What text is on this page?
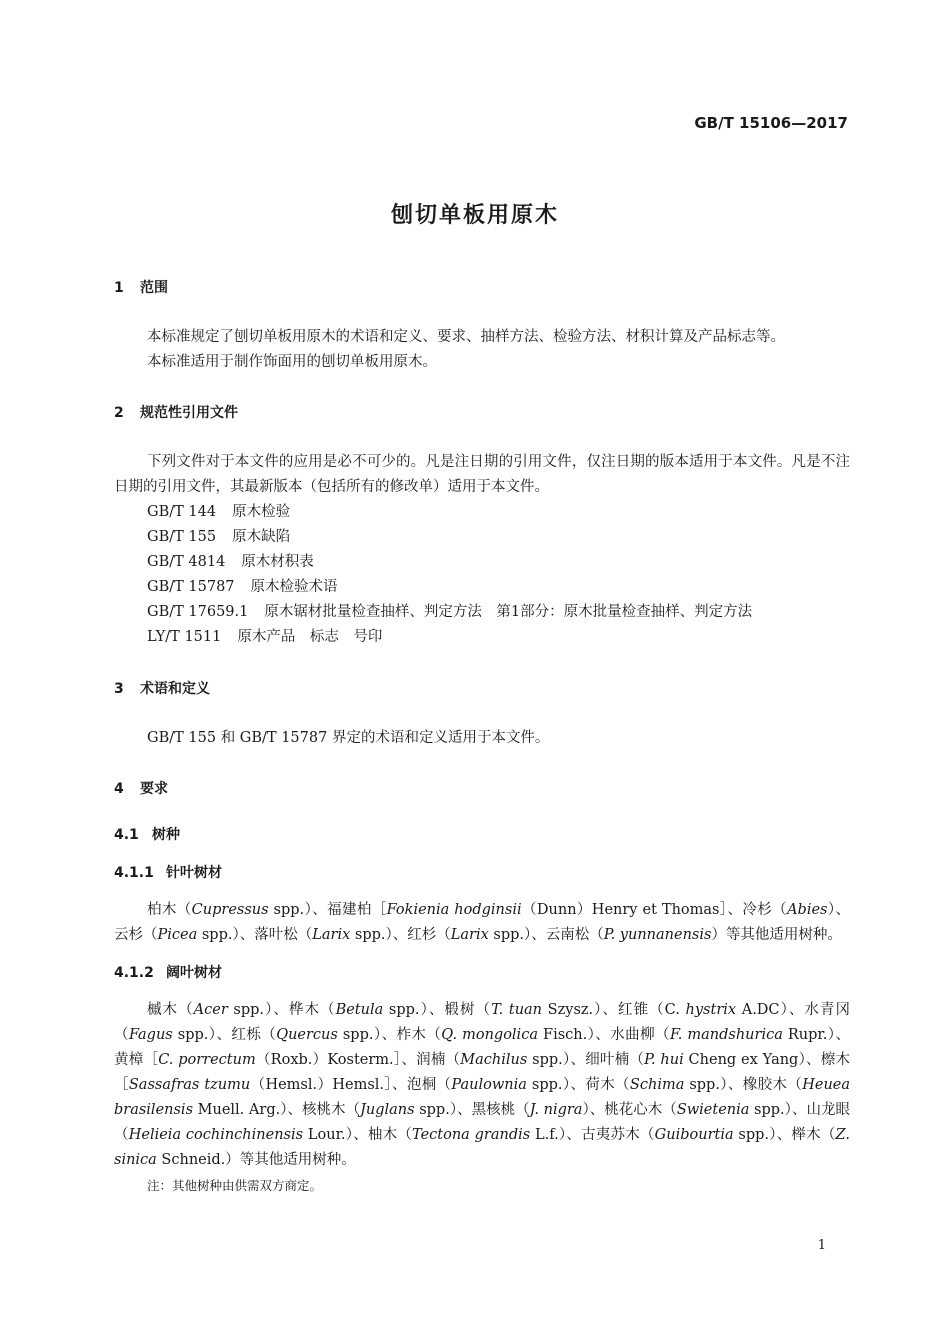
GB/T 15106—2017
刨切单板用原木
1 范围
本标准规定了刨切单板用原木的术语和定义、要求、抽样方法、检验方法、材积计算及产品标志等。
本标准适用于制作饰面用的刨切单板用原木。
2 规范性引用文件

下列文件对于本文件的应用是必不可少的。凡是注日期的引用文件，仅注日期的版本适用于本文件。凡是不注日期的引用文件，其最新版本（包括所有的修改单）适用于本文件。

GB/T 144 原木检验
GB/T 155 原木缺陷
GB/T 4814 原木材积表
GB/T 15787 原木检验术语
GB/T 17659.1 原木锯材批量检查抽样、判定方法　第1部分：原木批量检查抽样、判定方法
LY/T 1511 原木产品　标志　号印
3 术语和定义
GB/T 155 和 GB/T 15787 界定的术语和定义适用于本文件。
4 要求
4.1 树种
4.1.1 针叶树材

柏木（Cupressus spp.）、福建柏［Fokienia hodginsii（Dunn）Henry et Thomas］、冷杉（Abies）、云杉（Picea spp.）、落叶松（Larix spp.）、红杉（Larix spp.）、云南松（P. yunnanensis）等其他适用树种。

4.1.2 阔叶树材

槭木（Acer spp.）、桦木（Betula spp.）、椴树（T. tuan Szysz.）、红锥（C. hystrix A.DC）、水青冈（Fagus spp.）、红栎（Quercus spp.）、柞木（Q. mongolica Fisch.）、水曲柳（F. mandshurica Rupr.）、黄樟［C. porrectum（Roxb.）Kosterm.］、润楠（Machilus spp.）、细叶楠（P. hui Cheng ex Yang）、檫木［Sassafras tzumu（Hemsl.）Hemsl.］、泡桐（Paulownia spp.）、荷木（Schima spp.）、橡胶木（Heuea brasilensis Muell. Arg.）、核桃木（Juglans spp.）、黑核桃（J. nigra）、桃花心木（Swietenia spp.）、山龙眼（Helieia cochinchinensis Lour.）、柚木（Tectona grandis L.f.）、古夷苏木（Guibourtia spp.）、榉木（Z. sinica Schneid.）等其他适用树种。

注：其他树种由供需双方商定。
1
